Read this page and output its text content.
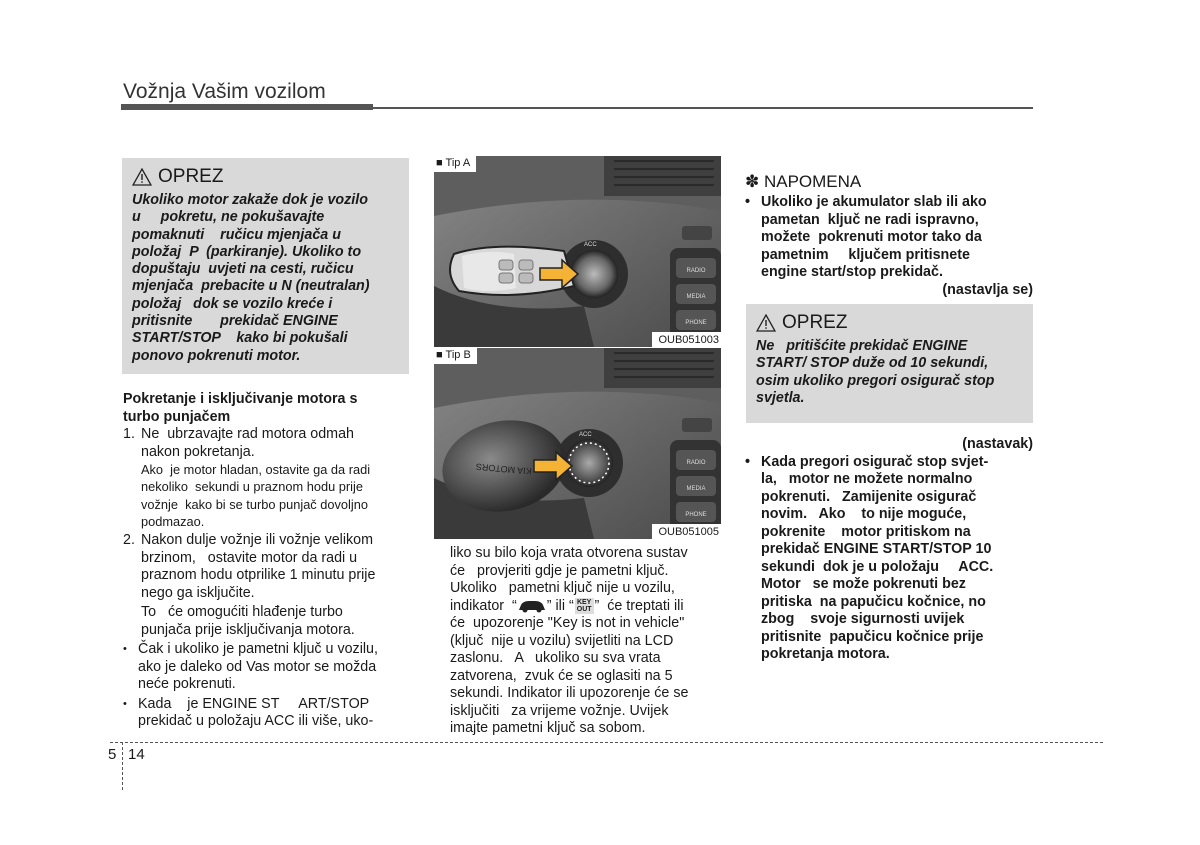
Vožnja Vašim vozilom
OPREZ
Ukoliko motor zakaže dok je vozilo
u     pokretu, ne pokušavajte
pomaknuti    ručicu mjenjača u
položaj  P  (parkiranje). Ukoliko to
dopuštaju  uvjeti na cesti, ručicu
mjenjača  prebacite u N (neutralan)
položaj   dok se vozilo kreće i
pritisnite       prekidač ENGINE
START/STOP    kako bi pokušali
ponovo pokrenuti motor.
Pokretanje i isključivanje motora s
turbo punjačem
1. Ne  ubrzavajte rad motora odmah
nakon pokretanja.
Ako  je motor hladan, ostavite ga da radi
nekoliko  sekundi u praznom hodu prije
vožnje  kako bi se turbo punjač dovoljno
podmazao.
2. Nakon dulje vožnje ili vožnje velikom
brzinom,   ostavite motor da radi u
praznom hodu otprilike 1 minutu prije
nego ga isključite.
To   će omogućiti hlađenje turbo
punjača prije isključivanja motora.
• Čak i ukoliko je pametni ključ u vozilu,
ako je daleko od Vas motor se možda
neće pokrenuti.
• Kada    je ENGINE ST     ART/STOP
prekidač u položaju ACC ili više, uko-
RADIO
MEDIA
PHONE
ACC
■ Tip A
OUB051003
RADIO
MEDIA
PHONE
ACC
KIA MOTORS
■ Tip B
OUB051005
liko su bilo koja vrata otvorena sustav
će   provjeriti gdje je pametni ključ.
Ukoliko   pametni ključ nije u vozilu,
indikator  “ ” ili “ KEY
OUT ”  će treptati ili
će  upozorenje "Key is not in vehicle"
(ključ  nije u vozilu) svijetliti na LCD
zaslonu.   A   ukoliko su sva vrata
zatvorena,  zvuk će se oglasiti na 5
sekundi. Indikator ili upozorenje će se
isključiti   za vrijeme vožnje. Uvijek
imajte pametni ključ sa sobom.
✽ NAPOMENA
• Ukoliko je akumulator slab ili ako
pametan  ključ ne radi ispravno,
možete  pokrenuti motor tako da
pametnim     ključem pritisnete
engine start/stop prekidač.
(nastavlja se)
OPREZ
Ne   pritišćite prekidač ENGINE
START/ STOP duže od 10 sekundi,
osim ukoliko pregori osigurač stop
svjetla.
(nastavak)
• Kada pregori osigurač stop svjet-
la,   motor ne možete normalno
pokrenuti.   Zamijenite osigurač
novim.   Ako    to nije moguće,
pokrenite    motor pritiskom na
prekidač ENGINE START/STOP 10
sekundi  dok je u položaju     ACC.
Motor   se može pokrenuti bez
pritiska  na papučicu kočnice, no
zbog    svoje sigurnosti uvijek
pritisnite  papučicu kočnice prije
pokretanja motora.
5 14
